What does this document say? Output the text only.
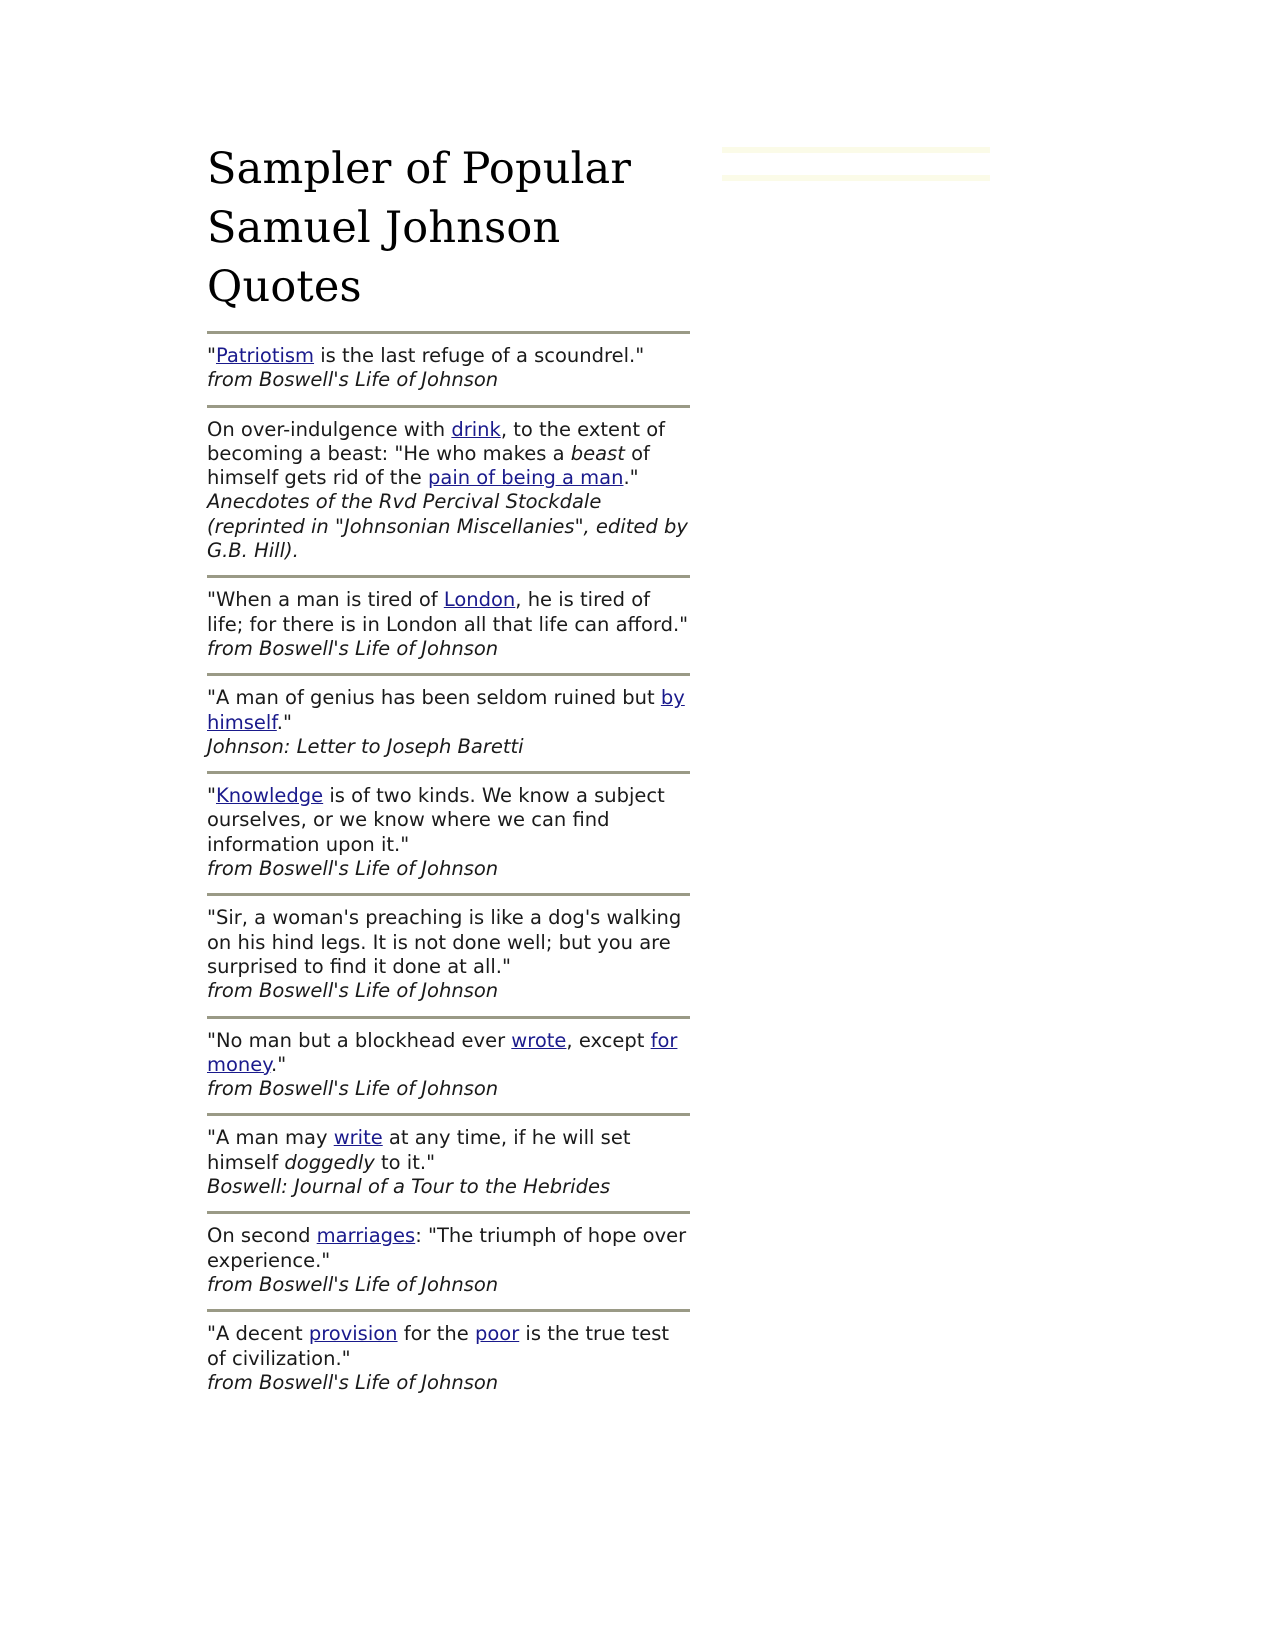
Sampler of Popular Samuel Johnson Quotes
"Patriotism is the last refuge of a scoundrel."
from Boswell's Life of Johnson
On over-indulgence with drink, to the extent of becoming a beast: "He who makes a beast of himself gets rid of the pain of being a man."
Anecdotes of the Rvd Percival Stockdale (reprinted in "Johnsonian Miscellanies", edited by G.B. Hill).
"When a man is tired of London, he is tired of life; for there is in London all that life can afford."
from Boswell's Life of Johnson
"A man of genius has been seldom ruined but by himself."
Johnson: Letter to Joseph Baretti
"Knowledge is of two kinds. We know a subject ourselves, or we know where we can find information upon it."
from Boswell's Life of Johnson
"Sir, a woman's preaching is like a dog's walking on his hind legs. It is not done well; but you are surprised to find it done at all."
from Boswell's Life of Johnson
"No man but a blockhead ever wrote, except for money."
from Boswell's Life of Johnson
"A man may write at any time, if he will set himself doggedly to it."
Boswell: Journal of a Tour to the Hebrides
On second marriages: "The triumph of hope over experience."
from Boswell's Life of Johnson
"A decent provision for the poor is the true test of civilization."
from Boswell's Life of Johnson
